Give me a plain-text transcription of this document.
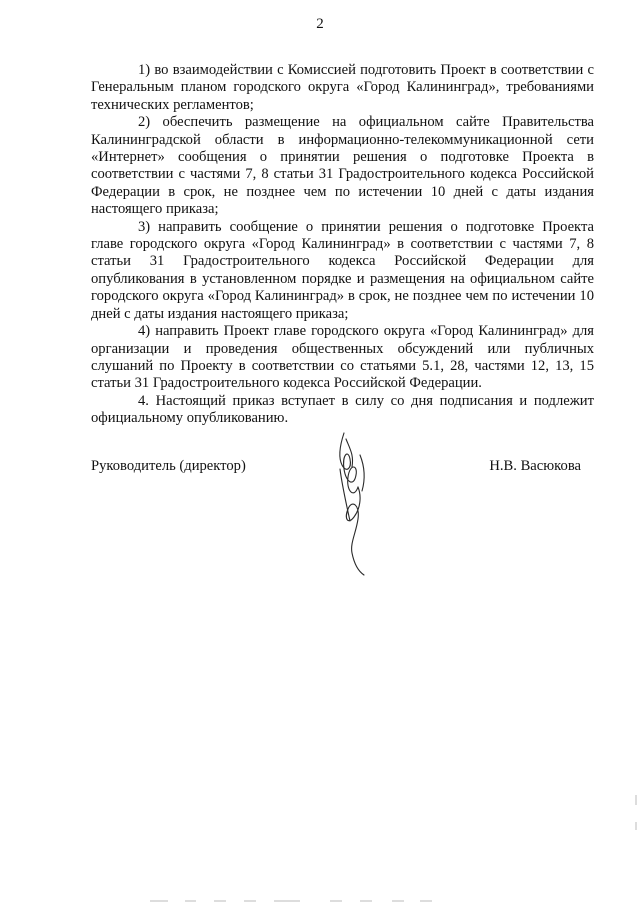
2

1) во взаимодействии с Комиссией подготовить Проект в соответствии с Генеральным планом городского округа «Город Калининград», требованиями технических регламентов;

2) обеспечить размещение на официальном сайте Правительства Калининградской области в информационно-телекоммуникационной сети «Интернет» сообщения о принятии решения о подготовке Проекта в соответствии с частями 7, 8 статьи 31 Градостроительного кодекса Российской Федерации в срок, не позднее чем по истечении 10 дней с даты издания настоящего приказа;

3) направить сообщение о принятии решения о подготовке Проекта главе городского округа «Город Калининград» в соответствии с частями 7, 8 статьи 31 Градостроительного кодекса Российской Федерации для опубликования в установленном порядке и размещения на официальном сайте городского округа «Город Калининград» в срок, не позднее чем по истечении 10 дней с даты издания настоящего приказа;

4) направить Проект главе городского округа «Город Калининград» для организации и проведения общественных обсуждений или публичных слушаний по Проекту в соответствии со статьями 5.1, 28, частями 12, 13, 15 статьи 31 Градостроительного кодекса Российской Федерации.

4. Настоящий приказ вступает в силу со дня подписания и подлежит официальному опубликованию.

Руководитель (директор)	Н.В. Васюкова
